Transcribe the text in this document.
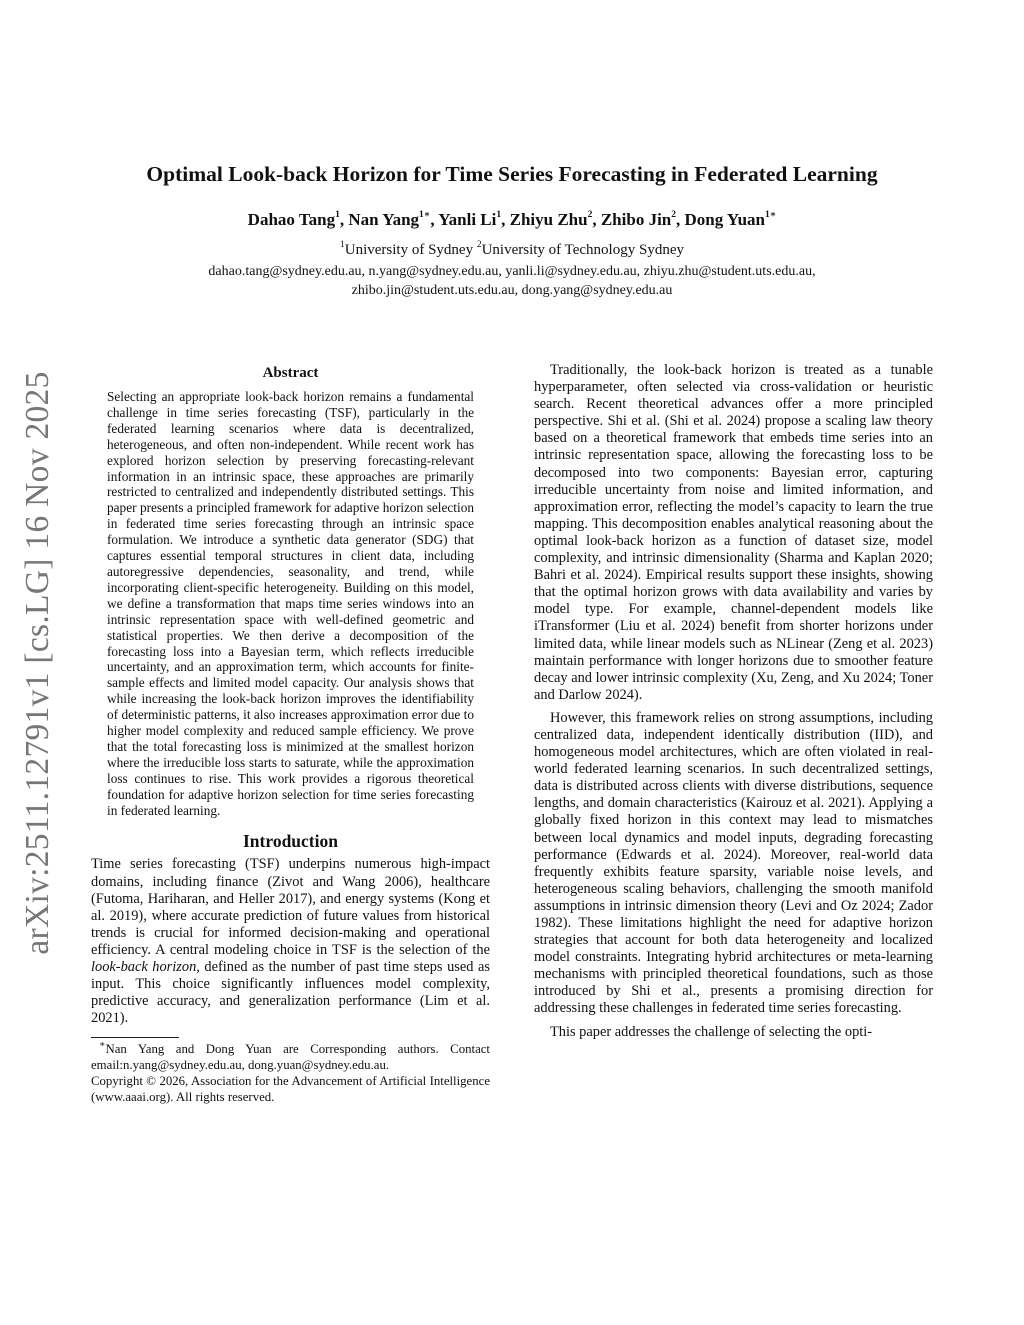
Optimal Look-back Horizon for Time Series Forecasting in Federated Learning
Dahao Tang$^1$, Nan Yang$^{1∗}$, Yanli Li$^1$, Zhiyu Zhu$^2$, Zhibo Jin$^2$, Dong Yuan$^{1∗}$
$^1$University of Sydney $^2$University of Technology Sydney
dahao.tang@sydney.edu.au, n.yang@sydney.edu.au, yanli.li@sydney.edu.au, zhiyu.zhu@student.uts.edu.au,
zhibo.jin@student.uts.edu.au, dong.yang@sydney.edu.au
arXiv:2511.12791v1 [cs.LG] 16 Nov 2025	Abstract

Selecting an appropriate look-back horizon remains a fundamental challenge in time series forecasting (TSF), particularly in the federated learning scenarios where data is decentralized, heterogeneous, and often non-independent. While recent work has explored horizon selection by preserving forecasting-relevant information in an intrinsic space, these approaches are primarily restricted to centralized and independently distributed settings. This paper presents a principled framework for adaptive horizon selection in federated time series forecasting through an intrinsic space formulation. We introduce a synthetic data generator (SDG) that captures essential temporal structures in client data, including autoregressive dependencies, seasonality, and trend, while incorporating client-specific heterogeneity. Building on this model, we define a transformation that maps time series windows into an intrinsic representation space with well-defined geometric and statistical properties. We then derive a decomposition of the forecasting loss into a Bayesian term, which reflects irreducible uncertainty, and an approximation term, which accounts for finite-sample effects and limited model capacity. Our analysis shows that while increasing the look-back horizon improves the identifiability of deterministic patterns, it also increases approximation error due to higher model complexity and reduced sample efficiency. We prove that the total forecasting loss is minimized at the smallest horizon where the irreducible loss starts to saturate, while the approximation loss continues to rise. This work provides a rigorous theoretical foundation for adaptive horizon selection for time series forecasting in federated learning.

Introduction

Time series forecasting (TSF) underpins numerous high-impact domains, including finance (Zivot and Wang 2006), healthcare (Futoma, Hariharan, and Heller 2017), and energy systems (Kong et al. 2019), where accurate prediction of future values from historical trends is crucial for informed decision-making and operational efficiency. A central modeling choice in TSF is the selection of the look-back horizon, defined as the number of past time steps used as input. This choice significantly influences model complexity, predictive accuracy, and generalization performance (Lim et al. 2021).

∗Nan Yang and Dong Yuan are Corresponding authors. Contact email:n.yang@sydney.edu.au, dong.yuan@sydney.edu.au.

Copyright © 2026, Association for the Advancement of Artificial Intelligence (www.aaai.org). All rights reserved.

Traditionally, the look-back horizon is treated as a tunable hyperparameter, often selected via cross-validation or heuristic search. Recent theoretical advances offer a more principled perspective. Shi et al. (Shi et al. 2024) propose a scaling law theory based on a theoretical framework that embeds time series into an intrinsic representation space, allowing the forecasting loss to be decomposed into two components: Bayesian error, capturing irreducible uncertainty from noise and limited information, and approximation error, reflecting the model’s capacity to learn the true mapping. This decomposition enables analytical reasoning about the optimal look-back horizon as a function of dataset size, model complexity, and intrinsic dimensionality (Sharma and Kaplan 2020; Bahri et al. 2024). Empirical results support these insights, showing that the optimal horizon grows with data availability and varies by model type. For example, channel-dependent models like iTransformer (Liu et al. 2024) benefit from shorter horizons under limited data, while linear models such as NLinear (Zeng et al. 2023) maintain performance with longer horizons due to smoother feature decay and lower intrinsic complexity (Xu, Zeng, and Xu 2024; Toner and Darlow 2024).

However, this framework relies on strong assumptions, including centralized data, independent identically distribution (IID), and homogeneous model architectures, which are often violated in real-world federated learning scenarios. In such decentralized settings, data is distributed across clients with diverse distributions, sequence lengths, and domain characteristics (Kairouz et al. 2021). Applying a globally fixed horizon in this context may lead to mismatches between local dynamics and model inputs, degrading forecasting performance (Edwards et al. 2024). Moreover, real-world data frequently exhibits feature sparsity, variable noise levels, and heterogeneous scaling behaviors, challenging the smooth manifold assumptions in intrinsic dimension theory (Levi and Oz 2024; Zador 1982). These limitations highlight the need for adaptive horizon strategies that account for both data heterogeneity and localized model constraints. Integrating hybrid architectures or meta-learning mechanisms with principled theoretical foundations, such as those introduced by Shi et al., presents a promising direction for addressing these challenges in federated time series forecasting.

This paper addresses the challenge of selecting the opti-
